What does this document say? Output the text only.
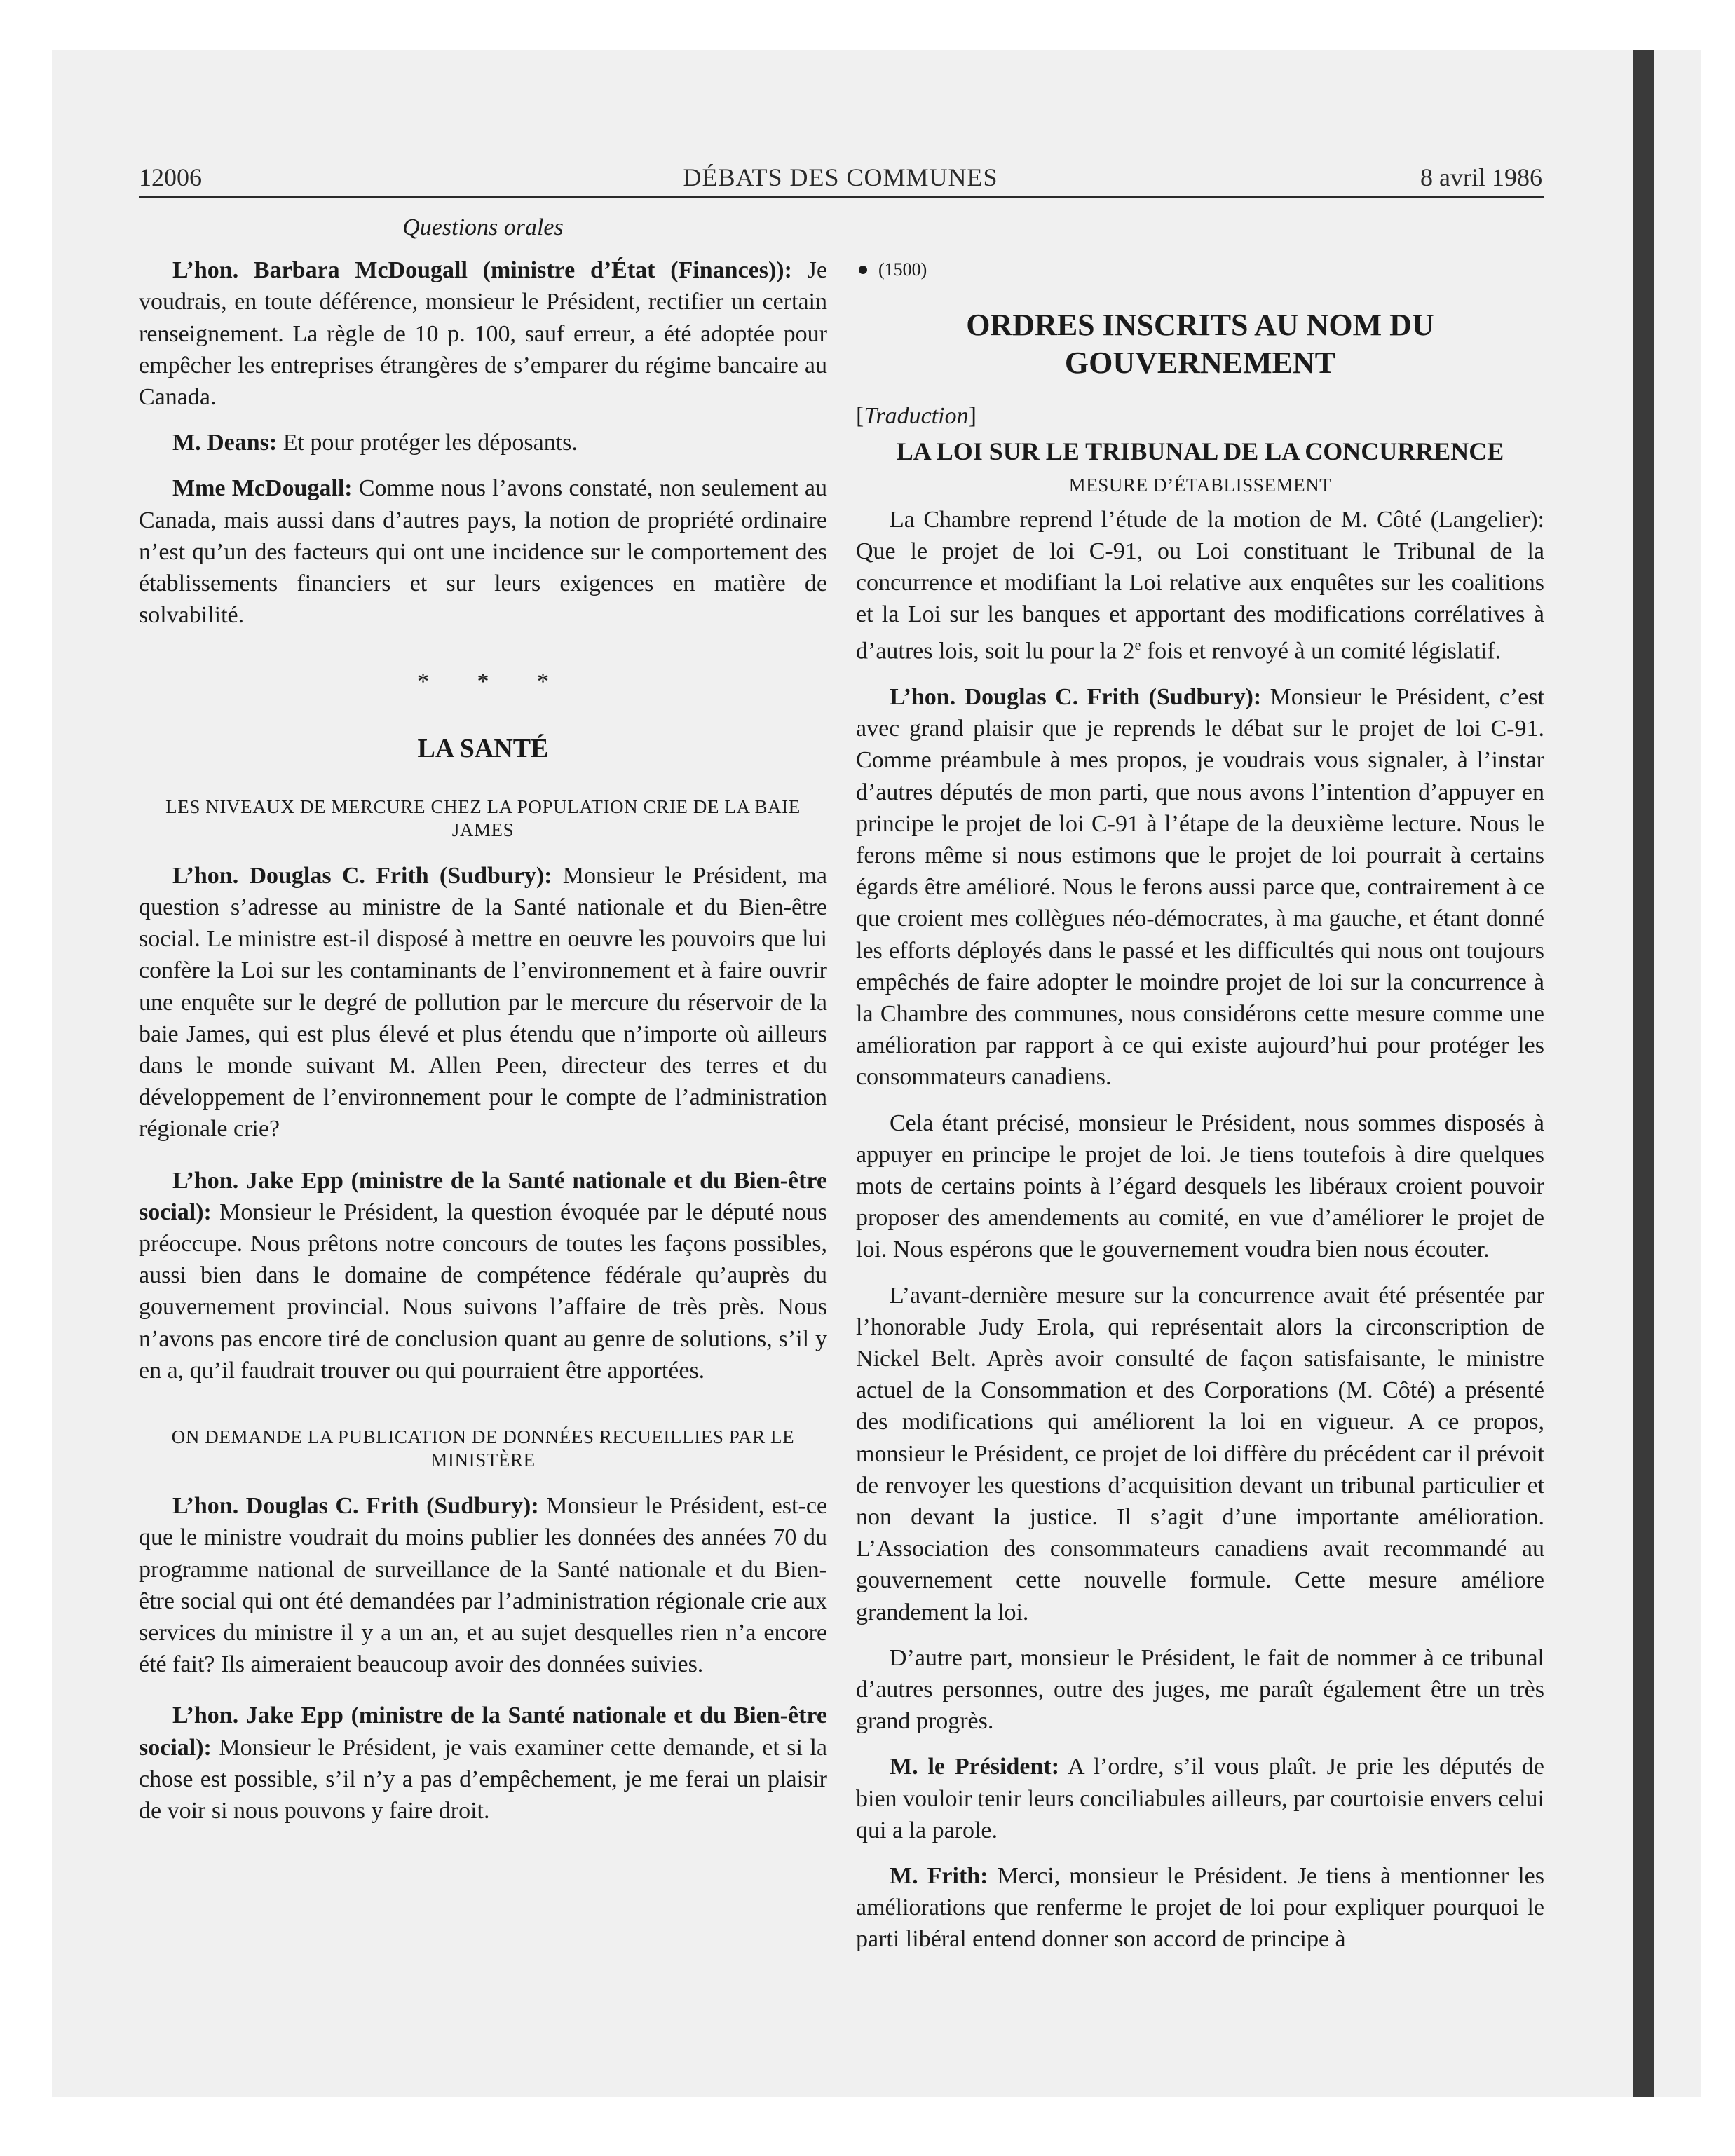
12006	DÉBATS DES COMMUNES	8 avril 1986
Questions orales

L’hon. Barbara McDougall (ministre d’État (Finances)): Je voudrais, en toute déférence, monsieur le Président, rectifier un certain renseignement. La règle de 10 p. 100, sauf erreur, a été adoptée pour empêcher les entreprises étrangères de s’emparer du régime bancaire au Canada.

M. Deans: Et pour protéger les déposants.

Mme McDougall: Comme nous l’avons constaté, non seulement au Canada, mais aussi dans d’autres pays, la notion de propriété ordinaire n’est qu’un des facteurs qui ont une incidence sur le comportement des établissements financiers et sur leurs exigences en matière de solvabilité.

* * *
LA SANTÉ
LES NIVEAUX DE MERCURE CHEZ LA POPULATION CRIE DE LA BAIE JAMES

L’hon. Douglas C. Frith (Sudbury): Monsieur le Président, ma question s’adresse au ministre de la Santé nationale et du Bien-être social. Le ministre est-il disposé à mettre en oeuvre les pouvoirs que lui confère la Loi sur les contaminants de l’environnement et à faire ouvrir une enquête sur le degré de pollution par le mercure du réservoir de la baie James, qui est plus élevé et plus étendu que n’importe où ailleurs dans le monde suivant M. Allen Peen, directeur des terres et du développement de l’environnement pour le compte de l’administration régionale crie?

L’hon. Jake Epp (ministre de la Santé nationale et du Bien-être social): Monsieur le Président, la question évoquée par le député nous préoccupe. Nous prêtons notre concours de toutes les façons possibles, aussi bien dans le domaine de compétence fédérale qu’auprès du gouvernement provincial. Nous suivons l’affaire de très près. Nous n’avons pas encore tiré de conclusion quant au genre de solutions, s’il y en a, qu’il faudrait trouver ou qui pourraient être apportées.

ON DEMANDE LA PUBLICATION DE DONNÉES RECUEILLIES PAR LE MINISTÈRE

L’hon. Douglas C. Frith (Sudbury): Monsieur le Président, est-ce que le ministre voudrait du moins publier les données des années 70 du programme national de surveillance de la Santé nationale et du Bien-être social qui ont été demandées par l’administration régionale crie aux services du ministre il y a un an, et au sujet desquelles rien n’a encore été fait? Ils aimeraient beaucoup avoir des données suivies.

L’hon. Jake Epp (ministre de la Santé nationale et du Bien-être social): Monsieur le Président, je vais examiner cette demande, et si la chose est possible, s’il n’y a pas d’empêchement, je me ferai un plaisir de voir si nous pouvons y faire droit.

(1500)
ORDRES INSCRITS AU NOM DU GOUVERNEMENT
[Traduction]
LA LOI SUR LE TRIBUNAL DE LA CONCURRENCE
MESURE D’ÉTABLISSEMENT

La Chambre reprend l’étude de la motion de M. Côté (Langelier): Que le projet de loi C-91, ou Loi constituant le Tribunal de la concurrence et modifiant la Loi relative aux enquêtes sur les coalitions et la Loi sur les banques et apportant des modifications corrélatives à d’autres lois, soit lu pour la 2e fois et renvoyé à un comité législatif.

L’hon. Douglas C. Frith (Sudbury): Monsieur le Président, c’est avec grand plaisir que je reprends le débat sur le projet de loi C-91. Comme préambule à mes propos, je voudrais vous signaler, à l’instar d’autres députés de mon parti, que nous avons l’intention d’appuyer en principe le projet de loi C-91 à l’étape de la deuxième lecture. Nous le ferons même si nous estimons que le projet de loi pourrait à certains égards être amélioré. Nous le ferons aussi parce que, contrairement à ce que croient mes collègues néo-démocrates, à ma gauche, et étant donné les efforts déployés dans le passé et les difficultés qui nous ont toujours empêchés de faire adopter le moindre projet de loi sur la concurrence à la Chambre des communes, nous considérons cette mesure comme une amélioration par rapport à ce qui existe aujourd’hui pour protéger les consommateurs canadiens.

Cela étant précisé, monsieur le Président, nous sommes disposés à appuyer en principe le projet de loi. Je tiens toutefois à dire quelques mots de certains points à l’égard desquels les libéraux croient pouvoir proposer des amendements au comité, en vue d’améliorer le projet de loi. Nous espérons que le gouvernement voudra bien nous écouter.

L’avant-dernière mesure sur la concurrence avait été présentée par l’honorable Judy Erola, qui représentait alors la circonscription de Nickel Belt. Après avoir consulté de façon satisfaisante, le ministre actuel de la Consommation et des Corporations (M. Côté) a présenté des modifications qui améliorent la loi en vigueur. A ce propos, monsieur le Président, ce projet de loi diffère du précédent car il prévoit de renvoyer les questions d’acquisition devant un tribunal particulier et non devant la justice. Il s’agit d’une importante amélioration. L’Association des consommateurs canadiens avait recommandé au gouvernement cette nouvelle formule. Cette mesure améliore grandement la loi.

D’autre part, monsieur le Président, le fait de nommer à ce tribunal d’autres personnes, outre des juges, me paraît également être un très grand progrès.

M. le Président: A l’ordre, s’il vous plaît. Je prie les députés de bien vouloir tenir leurs conciliabules ailleurs, par courtoisie envers celui qui a la parole.

M. Frith: Merci, monsieur le Président. Je tiens à mentionner les améliorations que renferme le projet de loi pour expliquer pourquoi le parti libéral entend donner son accord de principe à
